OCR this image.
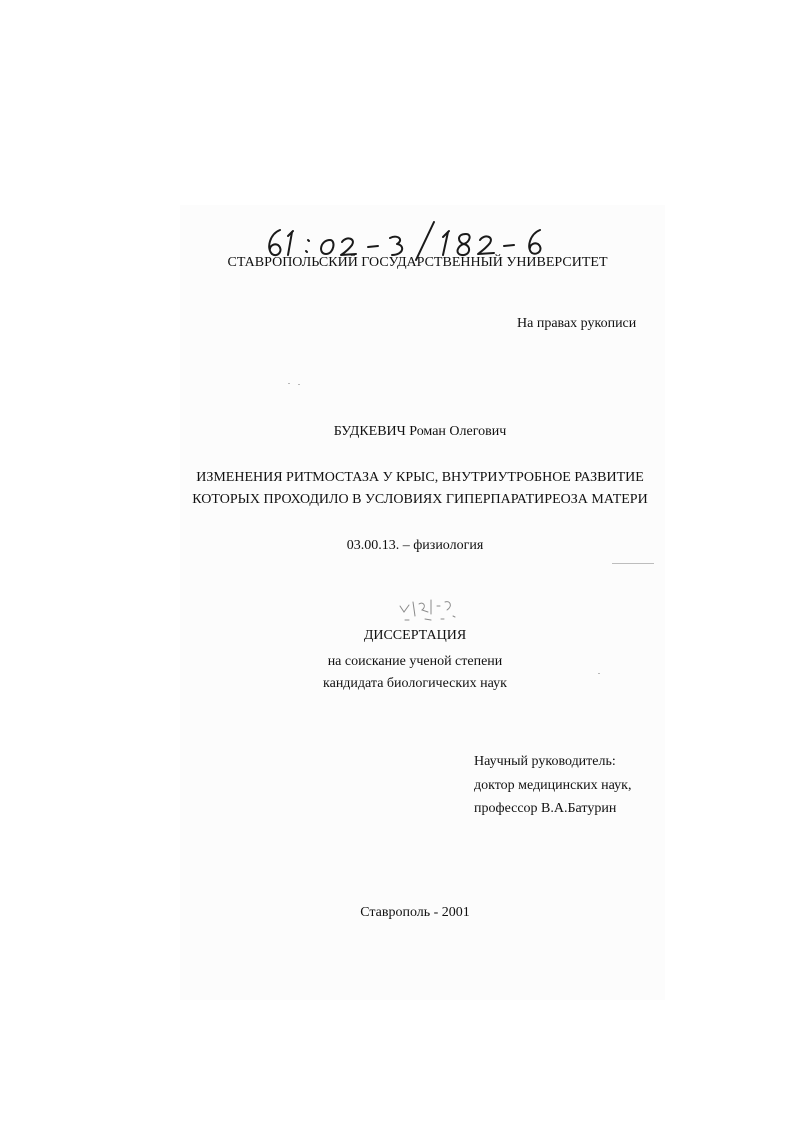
СТАВРОПОЛЬСКИЙ ГОСУДАРСТВЕННЫЙ УНИВЕРСИТЕТ
На правах рукописи
БУДКЕВИЧ Роман Олегович
ИЗМЕНЕНИЯ РИТМОСТАЗА У КРЫС, ВНУТРИУТРОБНОЕ РАЗВИТИЕ
КОТОРЫХ ПРОХОДИЛО В УСЛОВИЯХ ГИПЕРПАРАТИРЕОЗА МАТЕРИ
03.00.13. – физиология
ДИССЕРТАЦИЯ
на соискание ученой степени
кандидата биологических наук
Научный руководитель:
доктор медицинских наук,
профессор В.А.Батурин
Ставрополь - 2001
